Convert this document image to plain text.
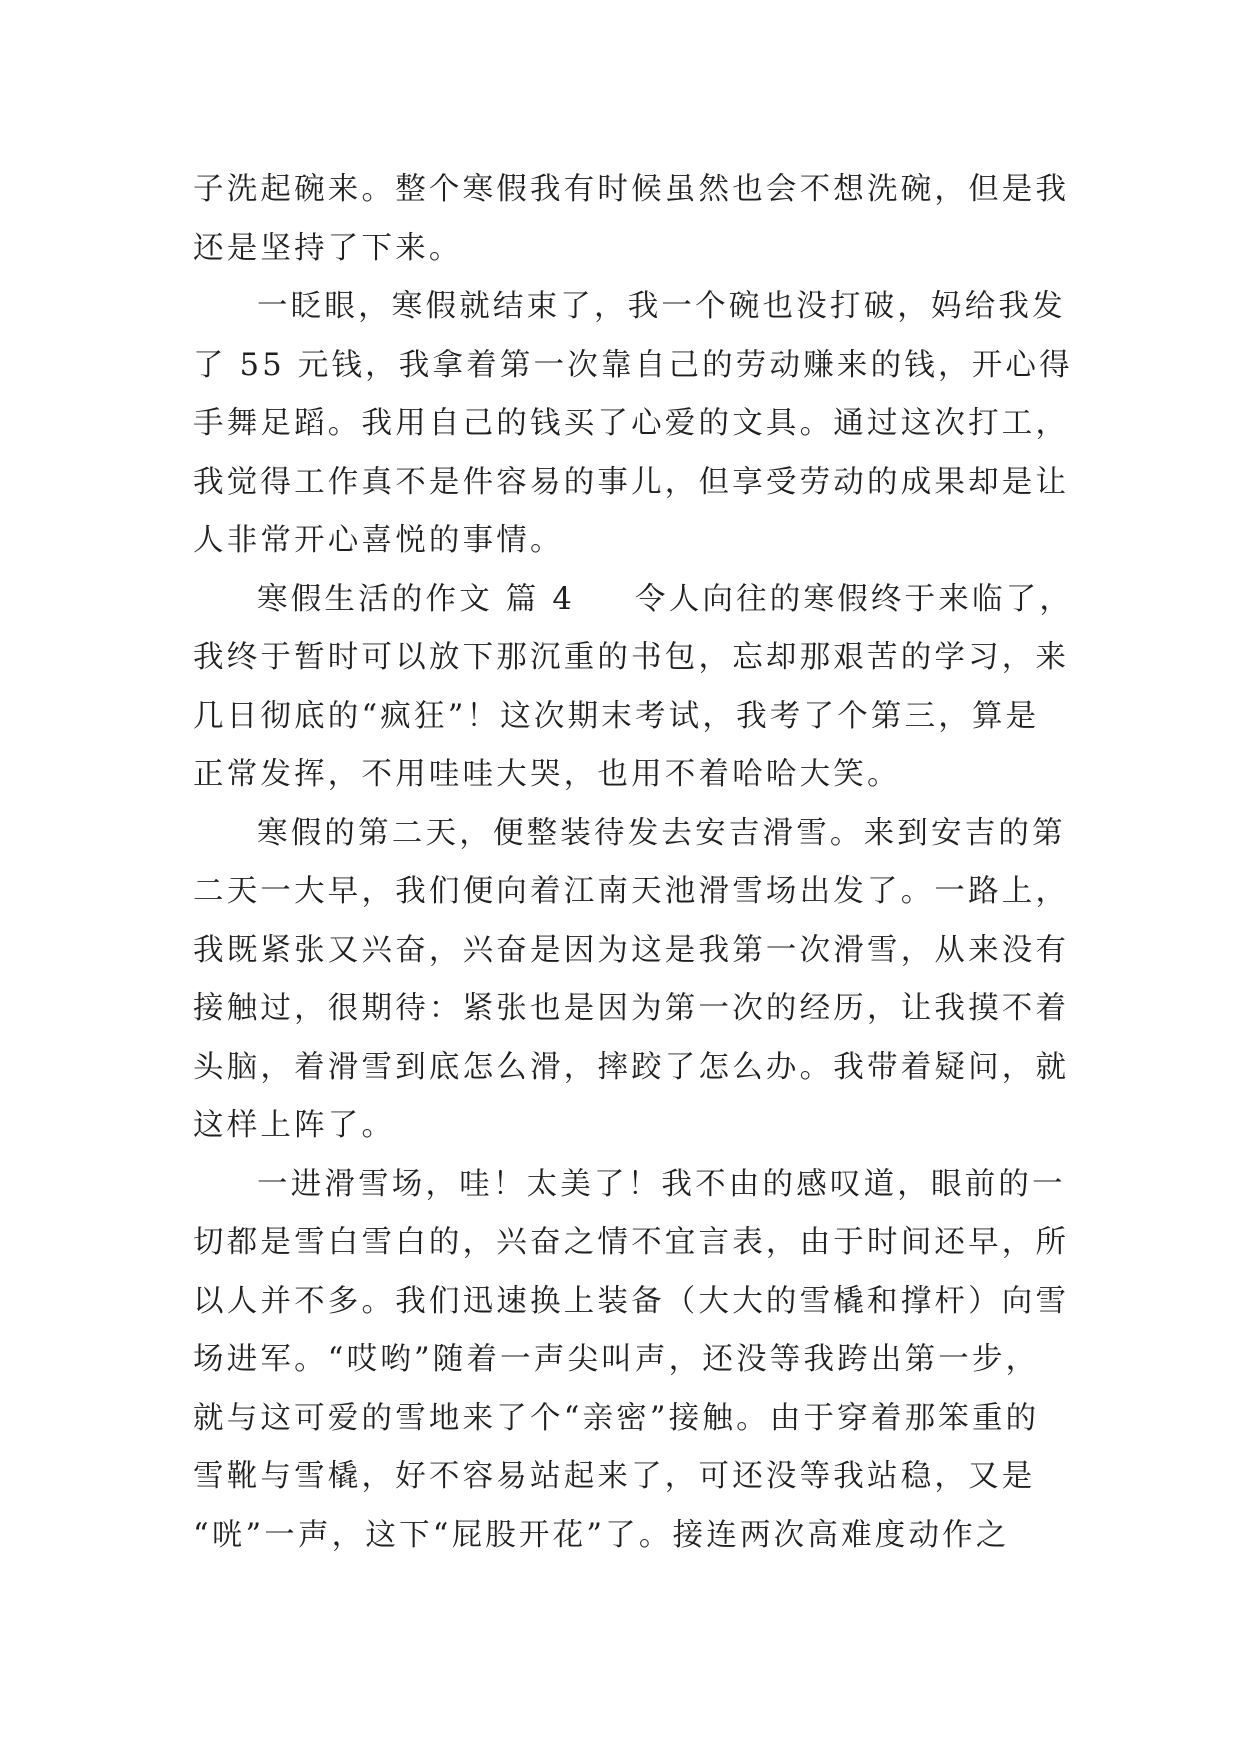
子洗起碗来。整个寒假我有时候虽然也会不想洗碗，但是我
还是坚持了下来。
一眨眼，寒假就结束了，我一个碗也没打破，妈给我发
了 55 元钱，我拿着第一次靠自己的劳动赚来的钱，开心得
手舞足蹈。我用自己的钱买了心爱的文具。通过这次打工，
我觉得工作真不是件容易的事儿，但享受劳动的成果却是让
人非常开心喜悦的事情。
寒假生活的作文 篇 4 令人向往的寒假终于来临了，
我终于暂时可以放下那沉重的书包，忘却那艰苦的学习，来
几日彻底的“疯狂”！这次期末考试，我考了个第三，算是
正常发挥，不用哇哇大哭，也用不着哈哈大笑。
寒假的第二天，便整装待发去安吉滑雪。来到安吉的第
二天一大早，我们便向着江南天池滑雪场出发了。一路上，
我既紧张又兴奋，兴奋是因为这是我第一次滑雪，从来没有
接触过，很期待：紧张也是因为第一次的经历，让我摸不着
头脑，着滑雪到底怎么滑，摔跤了怎么办。我带着疑问，就
这样上阵了。
一进滑雪场，哇！太美了！我不由的感叹道，眼前的一
切都是雪白雪白的，兴奋之情不宜言表，由于时间还早，所
以人并不多。我们迅速换上装备（大大的雪橇和撑杆）向雪
场进军。“哎哟”随着一声尖叫声，还没等我跨出第一步，
就与这可爱的雪地来了个“亲密”接触。由于穿着那笨重的
雪靴与雪橇，好不容易站起来了，可还没等我站稳，又是
“咣”一声，这下“屁股开花”了。接连两次高难度动作之
